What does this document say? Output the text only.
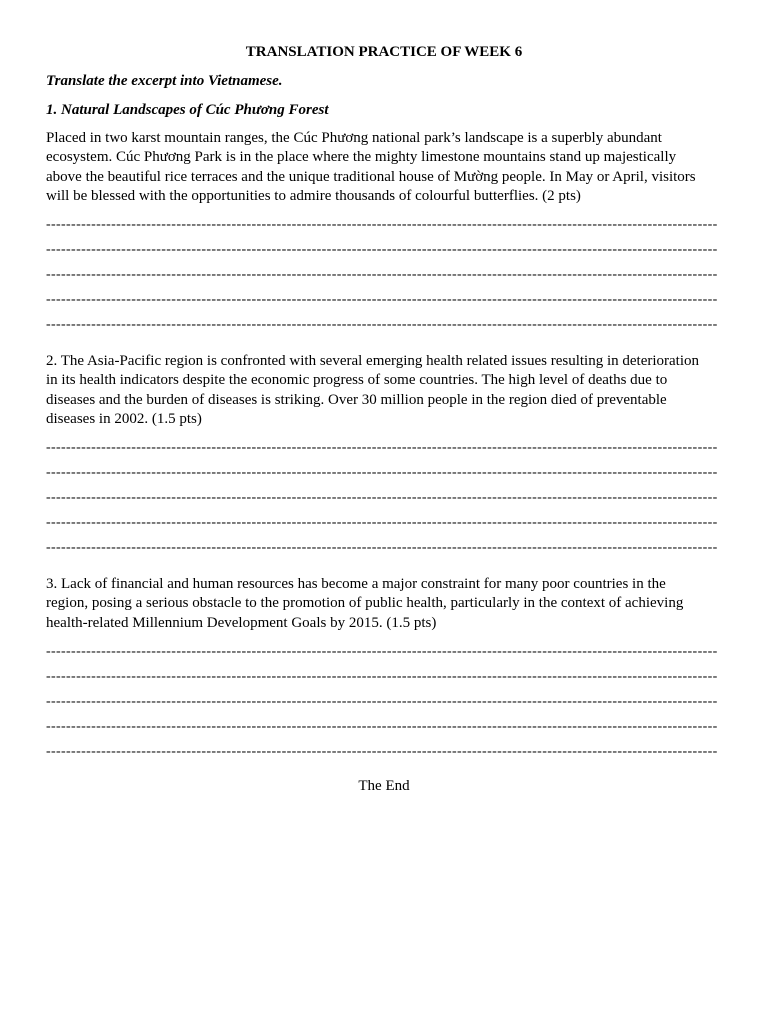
TRANSLATION PRACTICE OF WEEK 6
Translate the excerpt into Vietnamese.
1. Natural Landscapes of Cúc Phương Forest
Placed in two karst mountain ranges, the Cúc Phương national park’s landscape is a superbly abundant
ecosystem. Cúc Phương Park is in the place where the mighty limestone mountains stand up majestically
above the beautiful rice terraces and the unique traditional house of Mường people. In May or April, visitors
will be blessed with the opportunities to admire thousands of colourful butterflies. (2 pts)
--------------------------------------------------------------------------------------------------------------------------------------
--------------------------------------------------------------------------------------------------------------------------------------
--------------------------------------------------------------------------------------------------------------------------------------
--------------------------------------------------------------------------------------------------------------------------------------
--------------------------------------------------------------------------------------------------------------------------------------
2. The Asia-Pacific region is confronted with several emerging health related issues resulting in deterioration
in its health indicators despite the economic progress of some countries. The high level of deaths due to
diseases and the burden of diseases is striking. Over 30 million people in the region died of preventable
diseases in 2002. (1.5 pts)
--------------------------------------------------------------------------------------------------------------------------------------
--------------------------------------------------------------------------------------------------------------------------------------
--------------------------------------------------------------------------------------------------------------------------------------
--------------------------------------------------------------------------------------------------------------------------------------
--------------------------------------------------------------------------------------------------------------------------------------
3. Lack of financial and human resources has become a major constraint for many poor countries in the
region, posing a serious obstacle to the promotion of public health, particularly in the context of achieving
health-related Millennium Development Goals by 2015. (1.5 pts)
--------------------------------------------------------------------------------------------------------------------------------------
--------------------------------------------------------------------------------------------------------------------------------------
--------------------------------------------------------------------------------------------------------------------------------------
--------------------------------------------------------------------------------------------------------------------------------------
--------------------------------------------------------------------------------------------------------------------------------------
The End
